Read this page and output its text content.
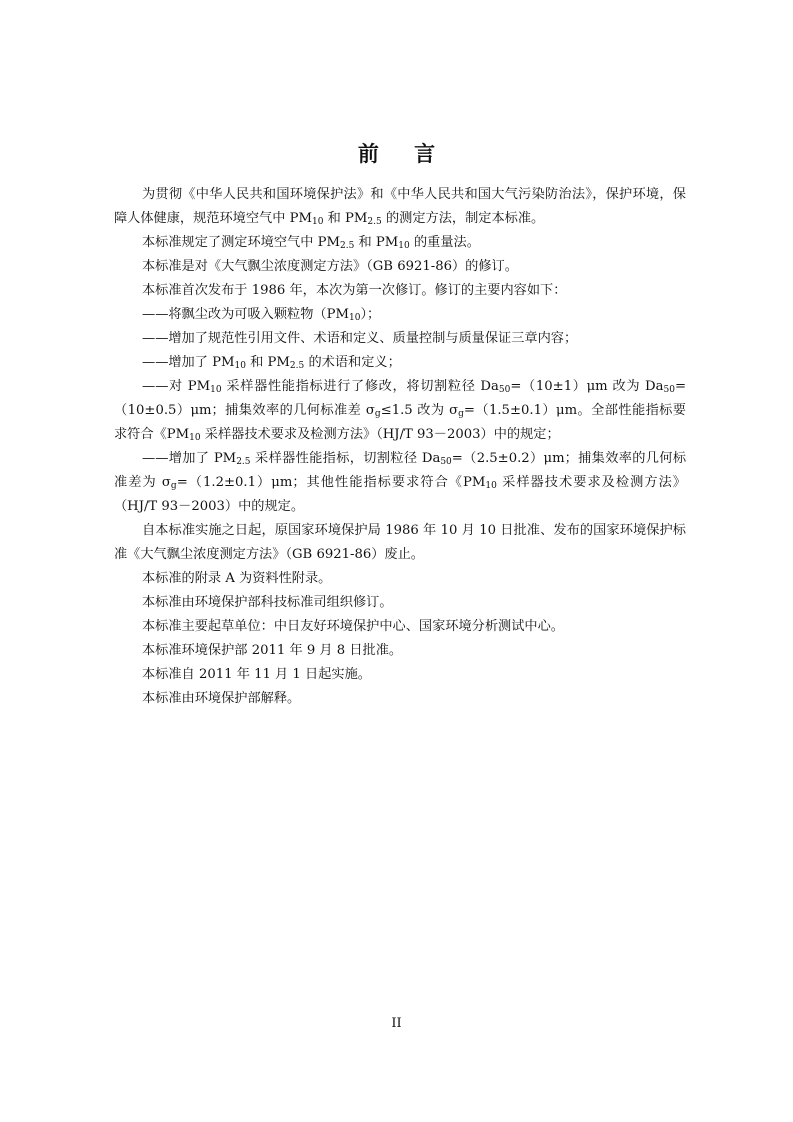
前 言

为贯彻《中华人民共和国环境保护法》和《中华人民共和国大气污染防治法》，保护环境，保障人体健康，规范环境空气中 $PM_{10}$ 和 $PM_{2.5}$ 的测定方法，制定本标准。

本标准规定了测定环境空气中 $PM_{2.5}$ 和 $PM_{10}$ 的重量法。

本标准是对《大气飘尘浓度测定方法》（GB 6921-86）的修订。

本标准首次发布于 1986 年，本次为第一次修订。修订的主要内容如下：

——将飘尘改为可吸入颗粒物$(PM_{10})$；

——增加了规范性引用文件、术语和定义、质量控制与质量保证三章内容；

——增加了 $PM_{10}$ 和 $PM_{2.5}$ 的术语和定义；

——对 $PM_{10}$ 采样器性能指标进行了修改，将切割粒径 $Da_{50}=(10\pm 1)\mu m$ 改为 $Da_{50}=(10\pm 0.5)\mu m$；捕集效率的几何标准差 $\sigma_g\le 1.5$ 改为 $\sigma_g=(1.5\pm 0.1)\mu m$。全部性能指标要求符合《$PM_{10}$ 采样器技术要求及检测方法》（HJ/T 93－2003）中的规定；

——增加了 $PM_{2.5}$ 采样器性能指标，切割粒径 $Da_{50}=(2.5\pm 0.2)\mu m$；捕集效率的几何标准差为 $\sigma_g=(1.2\pm 0.1)\mu m$；其他性能指标要求符合《$PM_{10}$ 采样器技术要求及检测方法》（HJ/T 93－2003）中的规定。

自本标准实施之日起，原国家环境保护局 1986 年 10 月 10 日批准、发布的国家环境保护标准《大气飘尘浓度测定方法》（GB 6921-86）废止。

本标准的附录 A 为资料性附录。

本标准由环境保护部科技标准司组织修订。

本标准主要起草单位：中日友好环境保护中心、国家环境分析测试中心。

本标准环境保护部 2011 年 9 月 8 日批准。

本标准自 2011 年 11 月 1 日起实施。

本标准由环境保护部解释。

II
